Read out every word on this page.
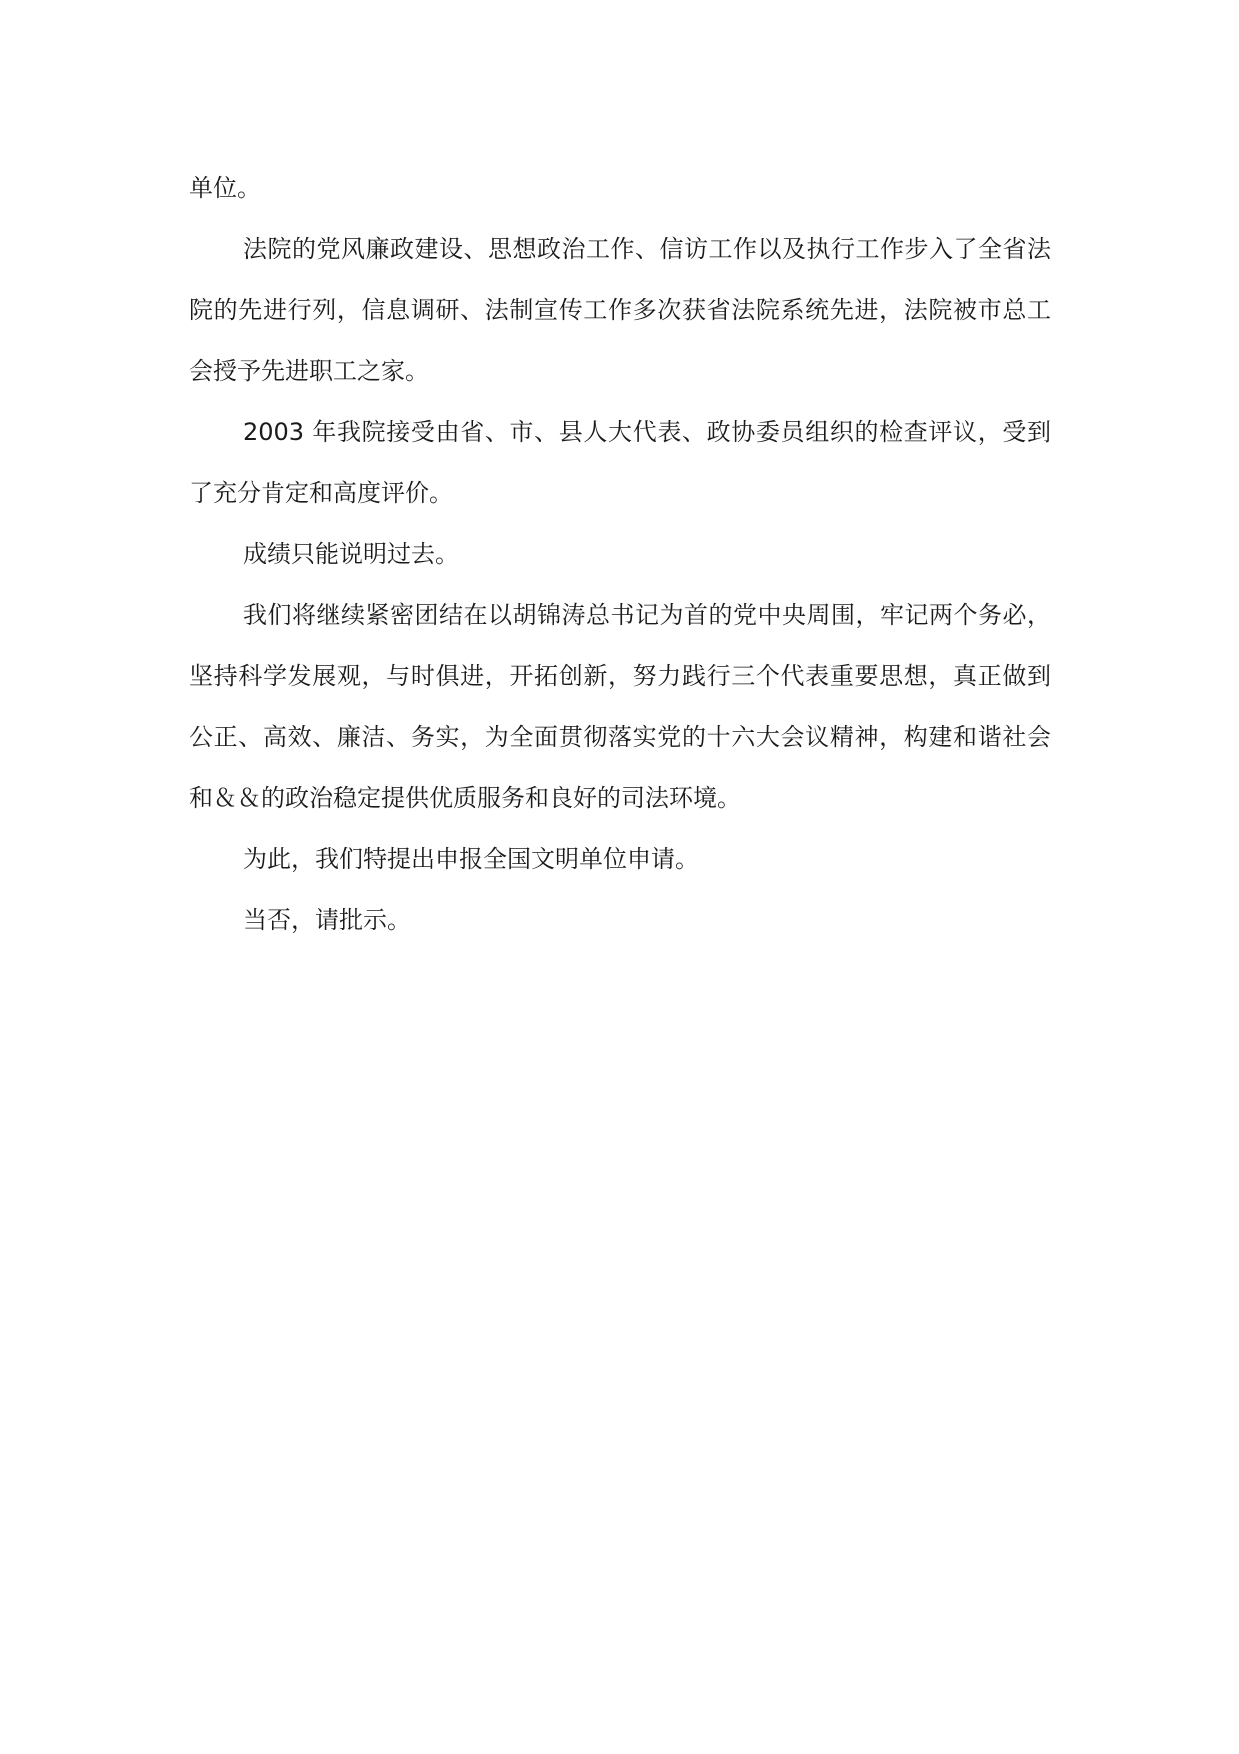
单位。

法院的党风廉政建设、思想政治工作、信访工作以及执行工作步入了全省法院的先进行列，信息调研、法制宣传工作多次获省法院系统先进，法院被市总工会授予先进职工之家。

2003 年我院接受由省、市、县人大代表、政协委员组织的检查评议，受到了充分肯定和高度评价。

成绩只能说明过去。

我们将继续紧密团结在以胡锦涛总书记为首的党中央周围，牢记两个务必，坚持科学发展观，与时俱进，开拓创新，努力践行三个代表重要思想，真正做到公正、高效、廉洁、务实，为全面贯彻落实党的十六大会议精神，构建和谐社会和＆＆的政治稳定提供优质服务和良好的司法环境。

为此，我们特提出申报全国文明单位申请。

当否，请批示。
